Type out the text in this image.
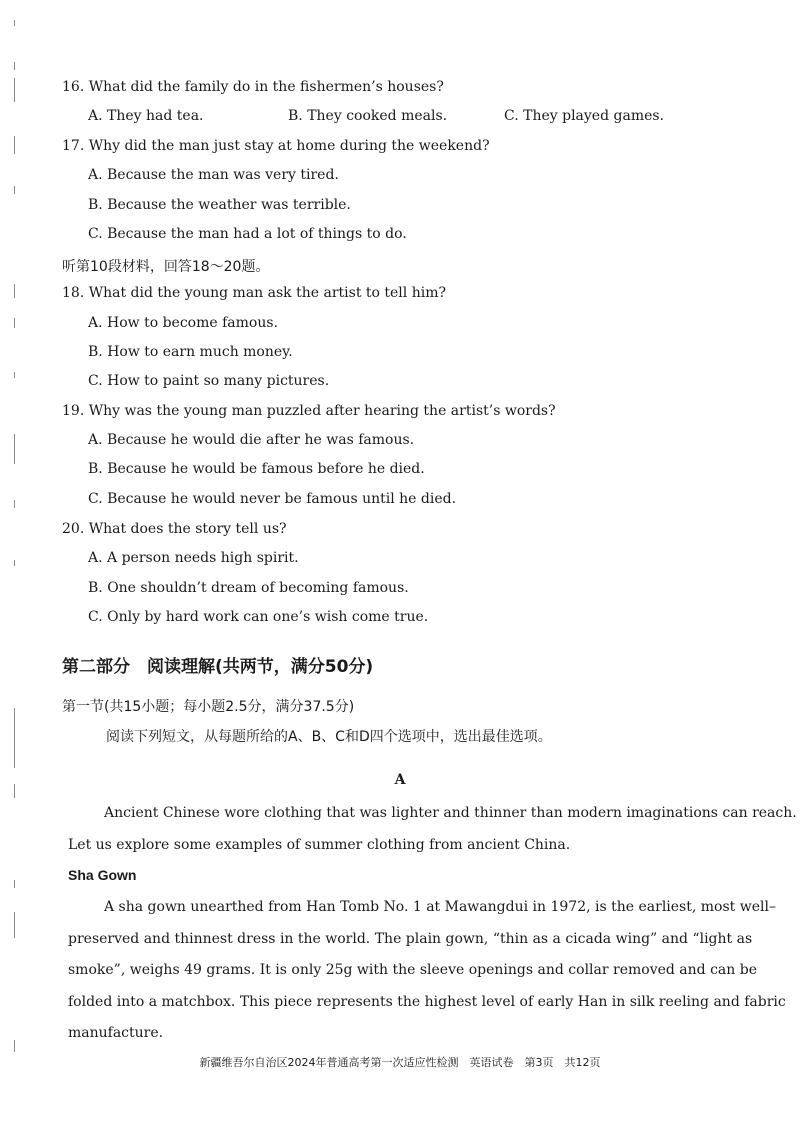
16. What did the family do in the fishermen’s houses?
A. They had tea.	B. They cooked meals.	C. They played games.
17. Why did the man just stay at home during the weekend?
A. Because the man was very tired.
B. Because the weather was terrible.
C. Because the man had a lot of things to do.
听第10段材料，回答18～20题。
18. What did the young man ask the artist to tell him?
A. How to become famous.
B. How to earn much money.
C. How to paint so many pictures.
19. Why was the young man puzzled after hearing the artist’s words?
A. Because he would die after he was famous.
B. Because he would be famous before he died.
C. Because he would never be famous until he died.
20. What does the story tell us?
A. A person needs high spirit.
B. One shouldn’t dream of becoming famous.
C. Only by hard work can one’s wish come true.
第二部分　阅读理解(共两节，满分50分)
第一节(共15小题；每小题2.5分，满分37.5分)
阅读下列短文，从每题所给的A、B、C和D四个选项中，选出最佳选项。
A
Ancient Chinese wore clothing that was lighter and thinner than modern imaginations can reach.
Let us explore some examples of summer clothing from ancient China.
Sha Gown
A sha gown unearthed from Han Tomb No. 1 at Mawangdui in 1972, is the earliest, most well–
preserved and thinnest dress in the world. The plain gown, “thin as a cicada wing” and “light as
smoke”, weighs 49 grams. It is only 25g with the sleeve openings and collar removed and can be
folded into a matchbox. This piece represents the highest level of early Han in silk reeling and fabric
manufacture.
新疆维吾尔自治区2024年普通高考第一次适应性检测　英语试卷　第3页　共12页
